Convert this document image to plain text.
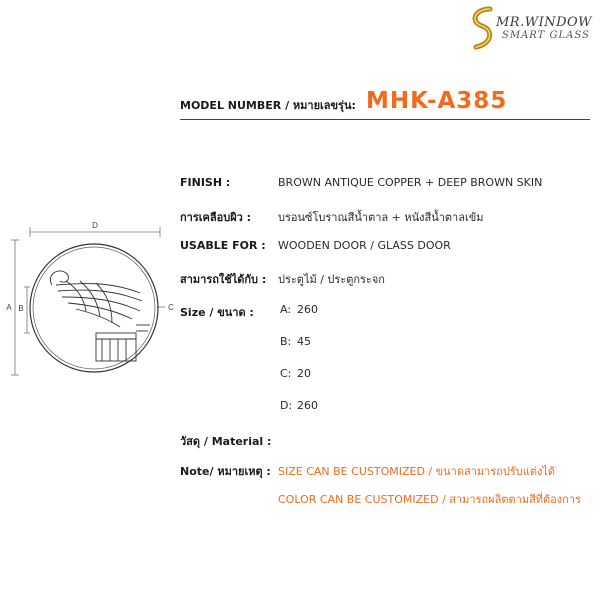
MR.WINDOW
SMART GLASS
MODEL NUMBER / หมายเลขรุ่น: MHK-A385
FINISH :	BROWN ANTIQUE COPPER + DEEP BROWN SKIN
การเคลือบผิว : บรอนซ์โบราณสีน้ำตาล + หนังสีน้ำตาลเข้ม
USABLE FOR : WOODEN DOOR / GLASS DOOR
สามารถใช้ได้กับ : ประตูไม้ / ประตูกระจก
Size / ขนาด : A: 260
B: 45
C: 20
D: 260
วัสดุ / Material :
Note/ หมายเหตุ : SIZE CAN BE CUSTOMIZED / ขนาดสามารถปรับแต่งได้
COLOR CAN BE CUSTOMIZED / สามารถผลิตตามสีที่ต้องการ
D
A B	C
